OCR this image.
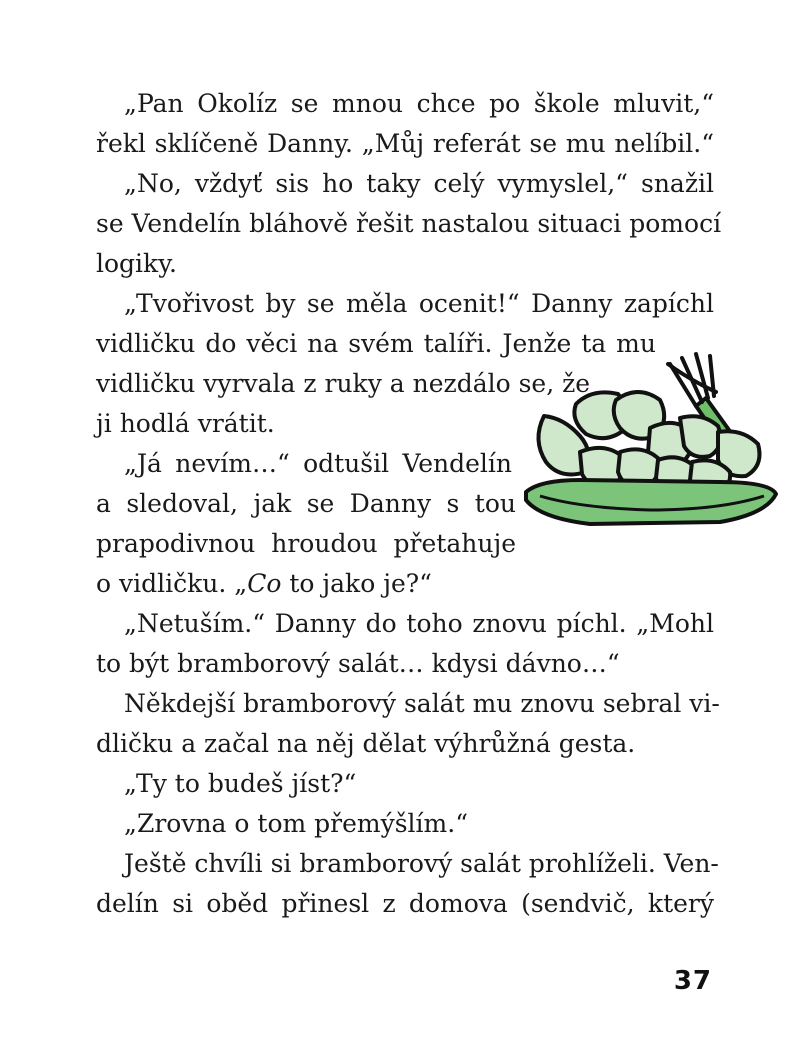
„Pan Okolíz se mnou chce po škole mluvit,“
řekl sklíčeně Danny. „Můj referát se mu nelíbil.“
„No, vždyť sis ho taky celý vymyslel,“ snažil
se Vendelín bláhově řešit nastalou situaci pomocí
logiky.
„Tvořivost by se měla ocenit!“ Danny zapíchl
vidličku do věci na svém talíři. Jenže ta mu
vidličku vyrvala z ruky a nezdálo se, že
ji hodlá vrátit.
„Já nevím…“ odtušil Vendelín
a sledoval, jak se Danny s tou
prapodivnou hroudou přetahuje
o vidličku. „Co to jako je?“
„Netuším.“ Danny do toho znovu píchl. „Mohl
to být bramborový salát… kdysi dávno…“
Někdejší bramborový salát mu znovu sebral vi-
dličku a začal na něj dělat výhrůžná gesta.
„Ty to budeš jíst?“
„Zrovna o tom přemýšlím.“
Ještě chvíli si bramborový salát prohlíželi. Ven-
delín si oběd přinesl z domova (sendvič, který
37
